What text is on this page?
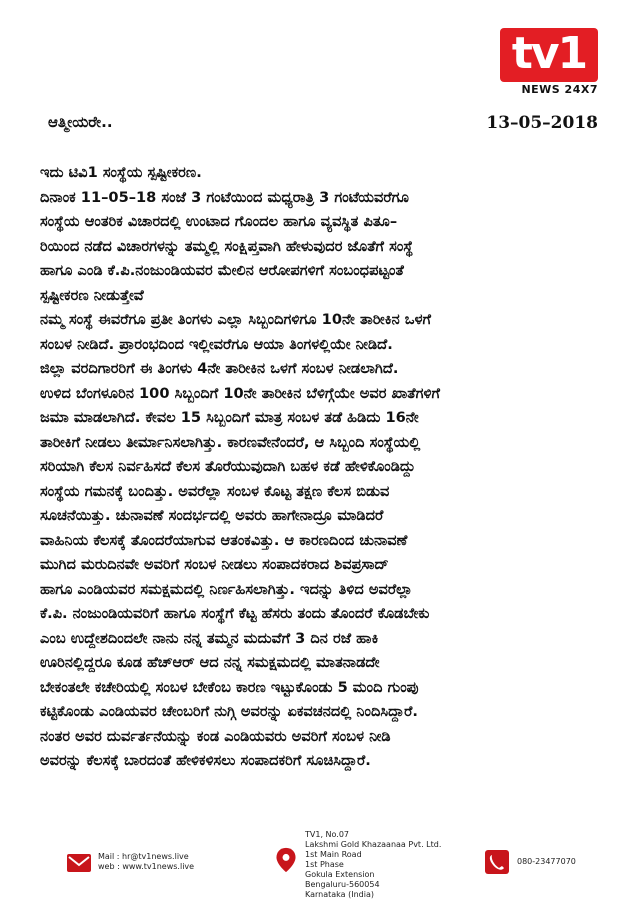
tv1
NEWS 24X7
ಆತ್ಮೀಯರೇ..	13–05–2018
ಇದು ಟಿವಿ1 ಸಂಸ್ಥೆಯ ಸ್ಪಷ್ಟೀಕರಣ.
ದಿನಾಂಕ 11–05–18 ಸಂಜೆ 3 ಗಂಟೆಯಿಂದ ಮಧ್ಯರಾತ್ರಿ 3 ಗಂಟೆಯವರೆಗೂ
ಸಂಸ್ಥೆಯ ಆಂತರಿಕ ವಿಚಾರದಲ್ಲಿ ಉಂಟಾದ ಗೊಂದಲ ಹಾಗೂ ವ್ಯವಸ್ಥಿತ ಪಿತೂ–
ರಿಯಿಂದ ನಡೆದ ವಿಚಾರಗಳನ್ನು ತಮ್ಮಲ್ಲಿ ಸಂಕ್ಷಿಪ್ತವಾಗಿ ಹೇಳುವುದರ ಜೊತೆಗೆ ಸಂಸ್ಥೆ
ಹಾಗೂ ಎಂಡಿ ಕೆ.ಪಿ.ನಂಜುಂಡಿಯವರ ಮೇಲಿನ ಆರೋಪಗಳಿಗೆ ಸಂಬಂಧಪಟ್ಟಂತೆ
ಸ್ಪಷ್ಟೀಕರಣ ನೀಡುತ್ತೇವೆ
ನಮ್ಮ ಸಂಸ್ಥೆ ಈವರೆಗೂ ಪ್ರತೀ ತಿಂಗಳು ಎಲ್ಲಾ ಸಿಬ್ಬಂದಿಗಳಿಗೂ 10ನೇ ತಾರೀಕಿನ ಒಳಗೆ
ಸಂಬಳ ನೀಡಿದೆ. ಪ್ರಾರಂಭದಿಂದ ಇಲ್ಲೀವರೆಗೂ ಆಯಾ ತಿಂಗಳಲ್ಲಿಯೇ ನೀಡಿದೆ.
ಜಿಲ್ಲಾ ವರದಿಗಾರರಿಗೆ ಈ ತಿಂಗಳು 4ನೇ ತಾರೀಕಿನ ಒಳಗೆ ಸಂಬಳ ನೀಡಲಾಗಿದೆ.
ಉಳಿದ ಬೆಂಗಳೂರಿನ 100 ಸಿಬ್ಬಂದಿಗೆ 10ನೇ ತಾರೀಕಿನ ಬೆಳಿಗ್ಗೆಯೇ ಅವರ ಖಾತೆಗಳಿಗೆ
ಜಮಾ ಮಾಡಲಾಗಿದೆ. ಕೇವಲ 15 ಸಿಬ್ಬಂದಿಗೆ ಮಾತ್ರ ಸಂಬಳ ತಡೆ ಹಿಡಿದು 16ನೇ
ತಾರೀಕಿಗೆ ನೀಡಲು ತೀರ್ಮಾನಿಸಲಾಗಿತ್ತು. ಕಾರಣವೇನೆಂದರೆ, ಆ ಸಿಬ್ಬಂದಿ ಸಂಸ್ಥೆಯಲ್ಲಿ
ಸರಿಯಾಗಿ ಕೆಲಸ ನಿರ್ವಹಿಸದೆ ಕೆಲಸ ತೊರೆಯುವುದಾಗಿ ಬಹಳ ಕಡೆ ಹೇಳಿಕೊಂಡಿದ್ದು
ಸಂಸ್ಥೆಯ ಗಮನಕ್ಕೆ ಬಂದಿತ್ತು. ಅವರೆಲ್ಲಾ ಸಂಬಳ ಕೊಟ್ಟ ತಕ್ಷಣ ಕೆಲಸ ಬಿಡುವ
ಸೂಚನೆಯಿತ್ತು. ಚುನಾವಣೆ ಸಂದರ್ಭದಲ್ಲಿ ಅವರು ಹಾಗೇನಾದ್ರೂ ಮಾಡಿದರೆ
ವಾಹಿನಿಯ ಕೆಲಸಕ್ಕೆ ತೊಂದರೆಯಾಗುವ ಆತಂಕವಿತ್ತು. ಆ ಕಾರಣದಿಂದ ಚುನಾವಣೆ
ಮುಗಿದ ಮರುದಿನವೇ ಅವರಿಗೆ ಸಂಬಳ ನೀಡಲು ಸಂಪಾದಕರಾದ ಶಿವಪ್ರಸಾದ್
ಹಾಗೂ ಎಂಡಿಯವರ ಸಮಕ್ಷಮದಲ್ಲಿ ನಿರ್ಣಹಿಸಲಾಗಿತ್ತು. ಇದನ್ನು ತಿಳಿದ ಅವರೆಲ್ಲಾ
ಕೆ.ಪಿ. ನಂಜುಂಡಿಯವರಿಗೆ ಹಾಗೂ ಸಂಸ್ಥೆಗೆ ಕೆಟ್ಟ ಹೆಸರು ತಂದು ತೊಂದರೆ ಕೊಡಬೇಕು
ಎಂಬ ಉದ್ದೇಶದಿಂದಲೇ ನಾನು ನನ್ನ ತಮ್ಮನ ಮದುವೆಗೆ 3 ದಿನ ರಜೆ ಹಾಕಿ
ಊರಿನಲ್ಲಿದ್ದರೂ ಕೂಡ ಹೆಚ್‌ಆರ್ ಆದ ನನ್ನ ಸಮಕ್ಷಮದಲ್ಲಿ ಮಾತನಾಡದೇ
ಬೇಕಂತಲೇ ಕಚೇರಿಯಲ್ಲಿ ಸಂಬಳ ಬೇಕೆಂಬ ಕಾರಣ ಇಟ್ಟುಕೊಂಡು 5 ಮಂದಿ ಗುಂಪು
ಕಟ್ಟಿಕೊಂಡು ಎಂಡಿಯವರ ಚೇಂಬರಿಗೆ ನುಗ್ಗಿ ಅವರನ್ನು ಏಕವಚನದಲ್ಲಿ ನಿಂದಿಸಿದ್ದಾರೆ.
ನಂತರ ಅವರ ದುರ್ವರ್ತನೆಯನ್ನು ಕಂಡ ಎಂಡಿಯವರು ಅವರಿಗೆ ಸಂಬಳ ನೀಡಿ
ಅವರನ್ನು ಕೆಲಸಕ್ಕೆ ಬಾರದಂತೆ ಹೇಳಿಕಳಿಸಲು ಸಂಪಾದಕರಿಗೆ ಸೂಚಿಸಿದ್ದಾರೆ.
Mail : hr@tv1news.live
web : www.tv1news.live
TV1, No.07
Lakshmi Gold Khazaanaa Pvt. Ltd.
1st Main Road
1st Phase
Gokula Extension
Bengaluru-560054
Karnataka (India)
080-23477070
